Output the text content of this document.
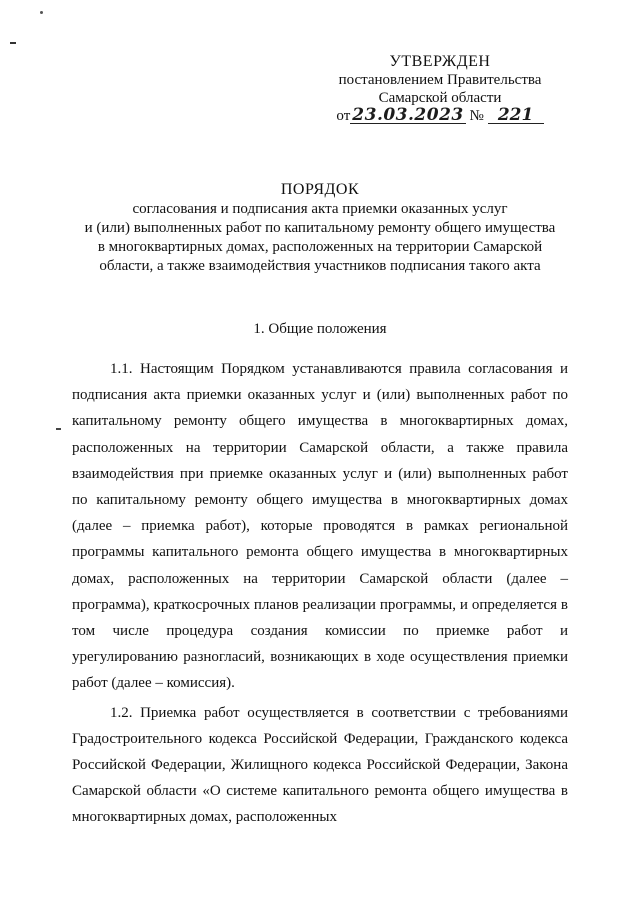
УТВЕРЖДЕН
постановлением Правительства
Самарской области
от 23.03.2023 № 221
ПОРЯДОК
согласования и подписания акта приемки оказанных услуг
и (или) выполненных работ по капитальному ремонту общего имущества
в многоквартирных домах, расположенных на территории Самарской
области, а также взаимодействия участников подписания такого акта
1. Общие положения

1.1. Настоящим Порядком устанавливаются правила согласования и подписания акта приемки оказанных услуг и (или) выполненных работ по капитальному ремонту общего имущества в многоквартирных домах, расположенных на территории Самарской области, а также правила взаимодействия при приемке оказанных услуг и (или) выполненных работ по капитальному ремонту общего имущества в многоквартирных домах (далее – приемка работ), которые проводятся в рамках региональной программы капитального ремонта общего имущества в многоквартирных домах, расположенных на территории Самарской области (далее – программа), краткосрочных планов реализации программы, и определяется в том числе процедура создания комиссии по приемке работ и урегулированию разногласий, возникающих в ходе осуществления приемки работ (далее – комиссия).

1.2. Приемка работ осуществляется в соответствии с требованиями Градостроительного кодекса Российской Федерации, Гражданского кодекса Российской Федерации, Жилищного кодекса Российской Федерации, Закона Самарской области «О системе капитального ремонта общего имущества в многоквартирных домах, расположенных
